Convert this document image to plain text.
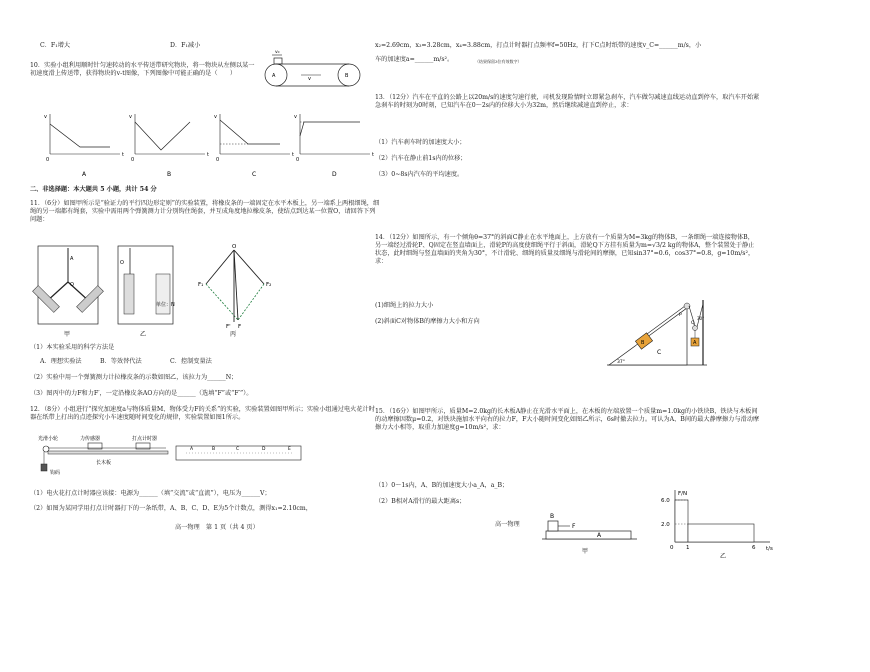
C．F₁增大	D．F₁减小
10．实验小组利用顺时针匀速转动的水平传送带研究物块，将一物块从左侧以某一初速度滑上传送带，获得物块的v-t图像，下列图像中可能正确的是（　　）
v₀
A	B
v
v
t
0
A
v
t
0
B
v
t
0
C
v
t
0
D
二、非选择题：本大题共 5 小题，共计 54 分
11．（6分）如图甲所示是“验证力的平行四边形定则”的实验装置，将橡皮条的一端固定在水平木板上，另一端系上两根细绳，细绳的另一端都有绳套，实验中需用两个弹簧测力计分别钩住绳套，并互成角度地拉橡皮条，使结点到达某一位置O，请回答下列问题：
A
O
甲
O
单位：N
乙
O
F₁	F₂
F' F
丙
（1）本实验采用的科学方法是
A．理想实验法	B．等效替代法	C．控制变量法
（2）实验中用一个弹簧测力计拉橡皮条的示数如图乙，该拉力为______N；
（3）图丙中的力F和力F′，一定沿橡皮条AO方向的是______（选填“F”或“F′”）。
12．（8分）小组进行“探究加速度a与物体质量M、物体受力F的关系”的实验，实验装置如图甲所示；实验小组通过电火花计时器在纸带上打出的点迹探究小车速度随时间变化的规律，实验装置如图1所示。
光滑小轮	力传感器	打点计时器
钩码
长木板
A	B	C	D	E
（1）电火花打点计时器应该接：电源为______（填“交流”或“直流”），电压为______V；
（2）如图为某同学用打点计时器打下的一条纸带，A、B、C、D、E为5个计数点，测得x₁=2.10cm，
高一物理　第 1 页（共 4 页）
x₂=2.69cm，x₃=3.28cm，x₄=3.88cm，打点计时器打点频率f=50Hz，打下C点时纸带的速度v_C=______m/s，小
车的加速度a=______m/s²。	（结果保留3位有效数字）
13．（12分）汽车在平直的公路上以20m/s的速度匀速行驶，司机发现险情时立即紧急刹车，汽车做匀减速直线运动直到停车，取汽车开始紧急刹车的时刻为0时刻，已知汽车在0～2s内的位移大小为32m，然后继续减速直到停止，求：
（1）汽车刹车时的加速度大小；
（2）汽车在静止前1s内的位移；
（3）0~8s内汽车的平均速度。
14．（12分）如图所示，有一个倾角θ=37°的斜面C静止在水平地面上，上方放有一个质量为M=3kg的物体B，一条细绳一端连接物体B，另一端经过滑轮P、Q固定在竖直墙面上，滑轮P的高度使细绳平行于斜面，滑轮Q下方挂有质量为m=√3/2 kg的物体A，整个装置处于静止状态，此时细绳与竖直墙面的夹角为30°，不计滑轮、细绳的质量及细绳与滑轮间的摩擦，已知sin37°=0.6，cos37°=0.8，g=10m/s²，求：
(1)细绳上的拉力大小
(2)斜面C对物体B的摩擦力大小和方向
C
37°
B
P
Q
30°
A
15．（16分）如图甲所示，质量M=2.0kg的长木板A静止在光滑水平面上，在木板的左端放置一个质量m=1.0kg的小铁块B，铁块与木板间的动摩擦因数μ=0.2，对铁块施加水平向右的拉力F，F大小随时间变化如图乙所示，6s时撤去拉力。可认为A、B间的最大静摩擦力与滑动摩擦力大小相等，取重力加速度g=10m/s²，求：
（1）0～1s内，A、B的加速度大小a_A，a_B；
（2）B相对A滑行的最大距离s；
高一物理
B
A
F
甲
F/N
t/s
6.0
2.0
0 1	6
乙
